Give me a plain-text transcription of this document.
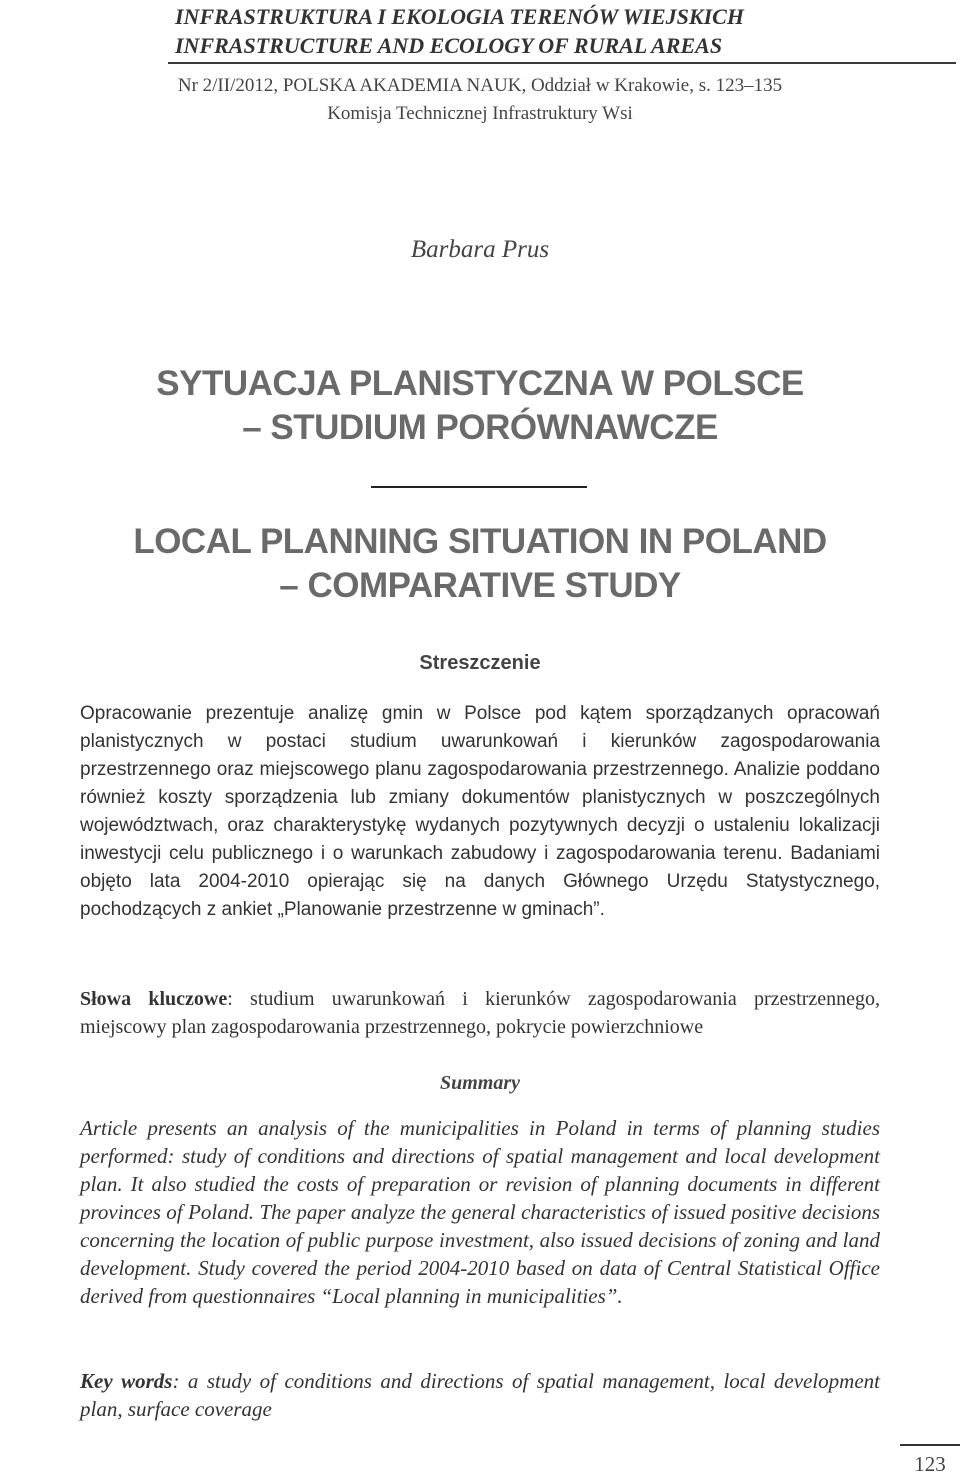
INFRASTRUKTURA I EKOLOGIA TERENÓW WIEJSKICH
INFRASTRUCTURE AND ECOLOGY OF RURAL AREAS
Nr 2/II/2012, POLSKA AKADEMIA NAUK, Oddział w Krakowie, s. 123–135
Komisja Technicznej Infrastruktury Wsi
Barbara Prus
SYTUACJA PLANISTYCZNA W POLSCE
– STUDIUM PORÓWNAWCZE
LOCAL PLANNING SITUATION IN POLAND
– COMPARATIVE STUDY
Streszczenie
Opracowanie prezentuje analizę gmin w Polsce pod kątem sporządzanych opracowań planistycznych w postaci studium uwarunkowań i kierunków zagospodarowania przestrzennego oraz miejscowego planu zagospodarowania przestrzennego. Analizie poddano również koszty sporządzenia lub zmiany dokumentów planistycznych w poszczególnych województwach, oraz charakterystykę wydanych pozytywnych decyzji o ustaleniu lokalizacji inwestycji celu publicznego i o warunkach zabudowy i zagospodarowania terenu. Badaniami objęto lata 2004-2010 opierając się na danych Głównego Urzędu Statystycznego, pochodzących z ankiet „Planowanie przestrzenne w gminach”.
Słowa kluczowe: studium uwarunkowań i kierunków zagospodarowania przestrzennego, miejscowy plan zagospodarowania przestrzennego, pokrycie powierzchniowe
Summary
Article presents an analysis of the municipalities in Poland in terms of planning studies performed: study of conditions and directions of spatial management and local development plan. It also studied the costs of preparation or revision of planning documents in different provinces of Poland. The paper analyze the general characteristics of issued positive decisions concerning the location of public purpose investment, also issued decisions of zoning and land development. Study covered the period 2004-2010 based on data of Central Statistical Office derived from questionnaires “Local planning in municipalities”.
Key words: a study of conditions and directions of spatial management, local development plan, surface coverage
123
